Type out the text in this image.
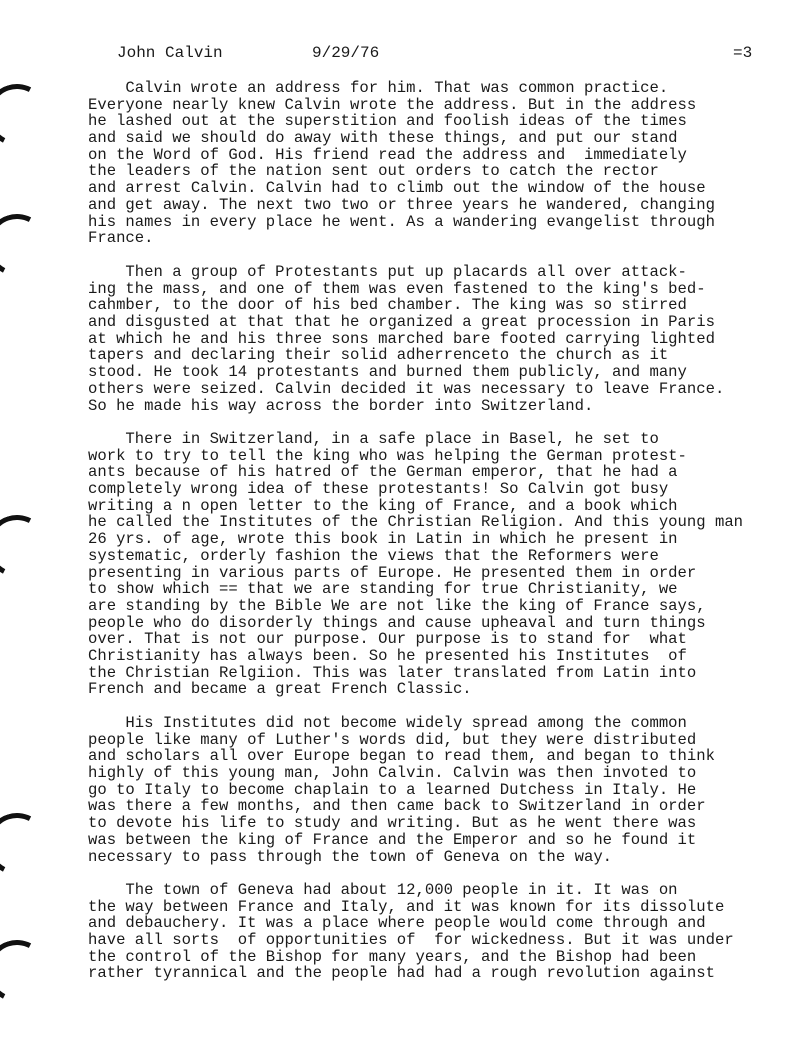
John Calvin	9/29/76	=3
Calvin wrote an address for him. That was common practice.
Everyone nearly knew Calvin wrote the address. But in the address
he lashed out at the superstition and foolish ideas of the times
and said we should do away with these things, and put our stand
on the Word of God. His friend read the address and  immediately
the leaders of the nation sent out orders to catch the rector
and arrest Calvin. Calvin had to climb out the window of the house
and get away. The next two two or three years he wandered, changing
his names in every place he went. As a wandering evangelist through
France.
Then a group of Protestants put up placards all over attack-
ing the mass, and one of them was even fastened to the king's bed-
cahmber, to the door of his bed chamber. The king was so stirred
and disgusted at that that he organized a great procession in Paris
at which he and his three sons marched bare footed carrying lighted
tapers and declaring their solid adherrenceto the church as it
stood. He took 14 protestants and burned them publicly, and many
others were seized. Calvin decided it was necessary to leave France.
So he made his way across the border into Switzerland.
There in Switzerland, in a safe place in Basel, he set to
work to try to tell the king who was helping the German protest-
ants because of his hatred of the German emperor, that he had a
completely wrong idea of these protestants! So Calvin got busy
writing a n open letter to the king of France, and a book which
he called the Institutes of the Christian Religion. And this young man
26 yrs. of age, wrote this book in Latin in which he present in
systematic, orderly fashion the views that the Reformers were
presenting in various parts of Europe. He presented them in order
to show which == that we are standing for true Christianity, we
are standing by the Bible We are not like the king of France says,
people who do disorderly things and cause upheaval and turn things
over. That is not our purpose. Our purpose is to stand for  what
Christianity has always been. So he presented his Institutes  of
the Christian Relgiion. This was later translated from Latin into
French and became a great French Classic.
His Institutes did not become widely spread among the common
people like many of Luther's words did, but they were distributed
and scholars all over Europe began to read them, and began to think
highly of this young man, John Calvin. Calvin was then invoted to
go to Italy to become chaplain to a learned Dutchess in Italy. He
was there a few months, and then came back to Switzerland in order
to devote his life to study and writing. But as he went there was
was between the king of France and the Emperor and so he found it
necessary to pass through the town of Geneva on the way.
The town of Geneva had about 12,000 people in it. It was on
the way between France and Italy, and it was known for its dissolute
and debauchery. It was a place where people would come through and
have all sorts  of opportunities of  for wickedness. But it was under
the control of the Bishop for many years, and the Bishop had been
rather tyrannical and the people had had a rough revolution against
